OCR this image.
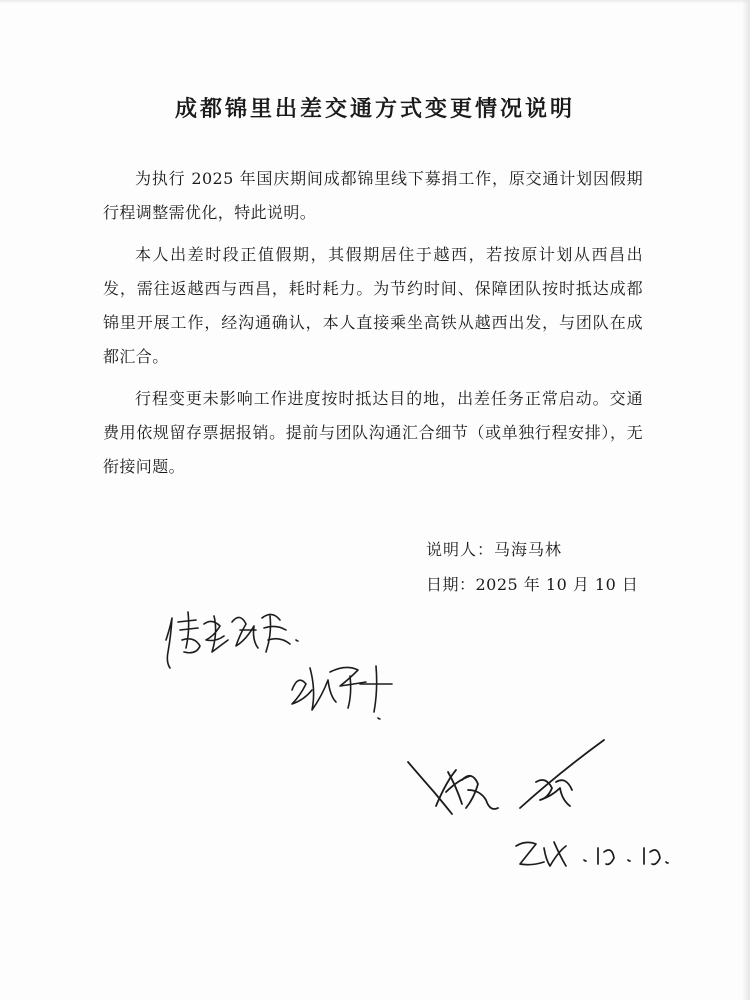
成都锦里出差交通方式变更情况说明

为执行 2025 年国庆期间成都锦里线下募捐工作，原交通计划因假期行程调整需优化，特此说明。

本人出差时段正值假期，其假期居住于越西，若按原计划从西昌出发，需往返越西与西昌，耗时耗力。为节约时间、保障团队按时抵达成都锦里开展工作，经沟通确认，本人直接乘坐高铁从越西出发，与团队在成都汇合。

行程变更未影响工作进度按时抵达目的地，出差任务正常启动。交通费用依规留存票据报销。提前与团队沟通汇合细节（或单独行程安排），无衔接问题。

说明人：马海马林
日期：2025 年 10 月 10 日
